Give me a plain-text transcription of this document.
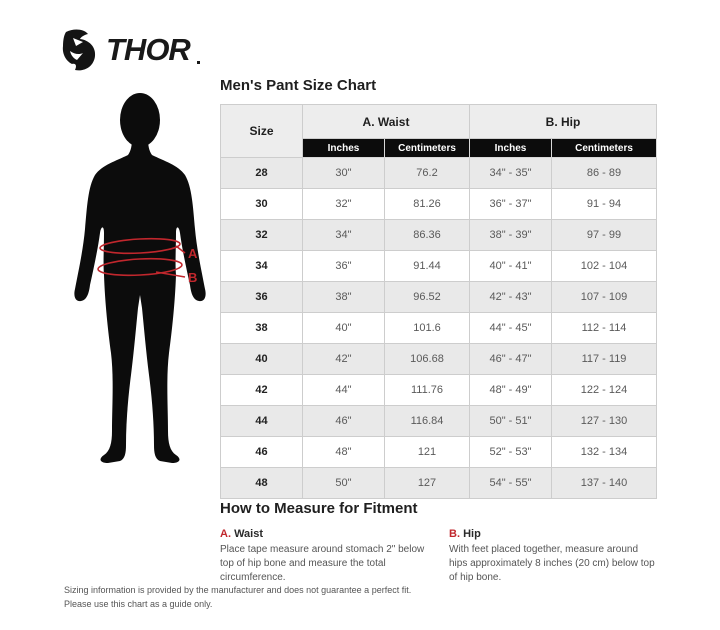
THOR
A
B
Men's Pant Size Chart
Size	A. Waist		B. Hip	
	Inches	Centimeters	Inches	Centimeters
28	30"	76.2	34" - 35"	86 - 89
30	32"	81.26	36" - 37"	91 - 94
32	34"	86.36	38" - 39"	97 - 99
34	36"	91.44	40" - 41"	102 - 104
36	38"	96.52	42" - 43"	107 - 109
38	40"	101.6	44" - 45"	112 - 114
40	42"	106.68	46" - 47"	117 - 119
42	44"	111.76	48" - 49"	122 - 124
44	46"	116.84	50" - 51"	127 - 130
46	48"	121	52" - 53"	132 - 134
48	50"	127	54" - 55"	137 - 140
How to Measure for Fitment
A. Waist
Place tape measure around stomach 2" below top of hip bone and measure the total circumference.
B. Hip
With feet placed together, measure around hips approximately 8 inches (20 cm) below top of hip bone.
Sizing information is provided by the manufacturer and does not guarantee a perfect fit.
Please use this chart as a guide only.
